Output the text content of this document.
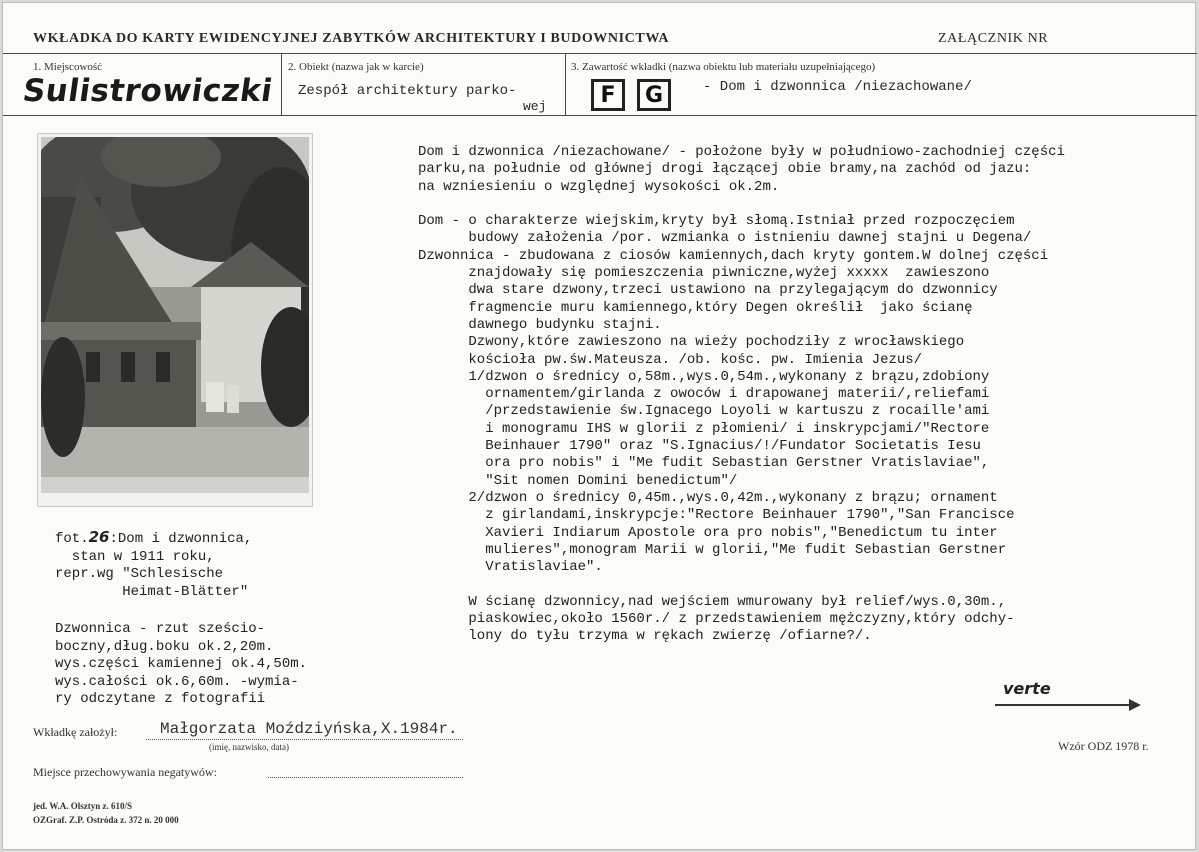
WKŁADKA DO KARTY EWIDENCYJNEJ ZABYTKÓW ARCHITEKTURY I BUDOWNICTWA	ZAŁĄCZNIK NR
1. Miejscowość
Sulistrowiczki
2. Obiekt (nazwa jak w karcie)
Zespół architektury parko-
wej
3. Zawartość wkładki (nazwa obiektu lub materiału uzupełniającego)
F	G	- Dom i dzwonnica /niezachowane/
Dom i dzwonnica /niezachowane/ - położone były w południowo-zachodniej części
parku,na południe od głównej drogi łączącej obie bramy,na zachód od jazu:
na wzniesieniu o względnej wysokości ok.2m.

Dom - o charakterze wiejskim,kryty był słomą.Istniał przed rozpoczęciem
budowy założenia /por. wzmianka o istnieniu dawnej stajni u Degena/
Dzwonnica - zbudowana z ciosów kamiennych,dach kryty gontem.W dolnej części
znajdowały się pomieszczenia piwniczne,wyżej xxxxx  zawieszono
dwa stare dzwony,trzeci ustawiono na przylegającym do dzwonnicy
fragmencie muru kamiennego,który Degen określił  jako ścianę
dawnego budynku stajni.
Dzwony,które zawieszono na wieży pochodziły z wrocławskiego
kościoła pw.św.Mateusza. /ob. kośc. pw. Imienia Jezus/
1/dzwon o średnicy o,58m.,wys.0,54m.,wykonany z brązu,zdobiony
ornamentem/girlanda z owoców i drapowanej materii/,reliefami
/przedstawienie św.Ignacego Loyoli w kartuszu z rocaille'ami
i monogramu IHS w glorii z płomieni/ i inskrypcjami/"Rectore
Beinhauer 1790" oraz "S.Ignacius/!/Fundator Societatis Iesu
ora pro nobis" i "Me fudit Sebastian Gerstner Vratislaviae",
"Sit nomen Domini benedictum"/
2/dzwon o średnicy 0,45m.,wys.0,42m.,wykonany z brązu; ornament
z girlandami,inskrypcje:"Rectore Beinhauer 1790","San Francisce
Xavieri Indiarum Apostole ora pro nobis","Benedictum tu inter
mulieres",monogram Marii w glorii,"Me fudit Sebastian Gerstner
Vratislaviae".

W ścianę dzwonnicy,nad wejściem wmurowany był relief/wys.0,30m.,
piaskowiec,około 1560r./ z przedstawieniem mężczyzny,który odchy-
lony do tyłu trzyma w rękach zwierzę /ofiarne?/.
fot.26:Dom i dzwonnica,
stan w 1911 roku,
repr.wg "Schlesische
Heimat-Blätter"
Dzwonnica - rzut sześcio-
boczny,dług.boku ok.2,20m.
wys.części kamiennej ok.4,50m.
wys.całości ok.6,60m. -wymia-
ry odczytane z fotografii
verte
Wkładkę założył:	Małgorzata Moździyńska,X.1984r.
(imię, nazwisko, data)
Miejsce przechowywania negatywów:
Wzór ODZ 1978 r.
jed. W.A. Olsztyn z. 610/S
OZGraf. Z.P. Ostróda z. 372 n. 20 000
